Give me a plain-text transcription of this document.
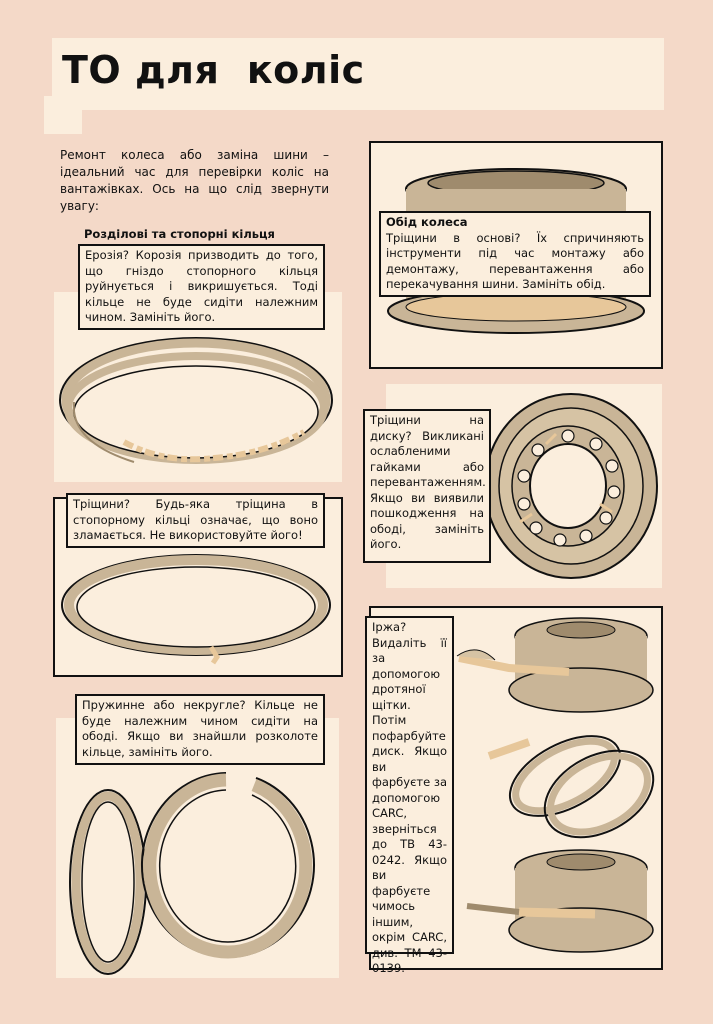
ТО для  коліс
Ремонт колеса або заміна шини – ідеальний час для перевірки коліс на вантажівках. Ось на що слід звернути увагу:
Розділові та стопорні кільця
Ерозія? Корозія призводить до того, що гніздо стопорного кільця руйнується і викришується. Тоді кільце не буде сидіти належним чином. Замініть його.
Тріщини? Будь-яка тріщина в стопорному кільці означає, що воно зламається. Не використовуйте його!
Пружинне або некругле? Кільце не буде належним чином сидіти на ободі. Якщо ви знайшли розколоте кільце, замініть його.
Обід колеса
Тріщини в основі? Їх спричиняють інструменти під час монтажу або демонтажу, перевантаження або перекачування шини. Замініть обід.
Тріщини на диску? Викликані ослабленими гайками або перевантаженням. Якщо ви виявили пошкодження на ободі, замініть його.
Іржа? Видаліть її за допомогою дротяної щітки. Потім пофарбуйте диск. Якщо ви фарбуєте за допомогою CARC, зверніться до ТВ 43-0242. Якщо ви фарбуєте чимось іншим, окрім CARC, див. ТМ 43-0139.
